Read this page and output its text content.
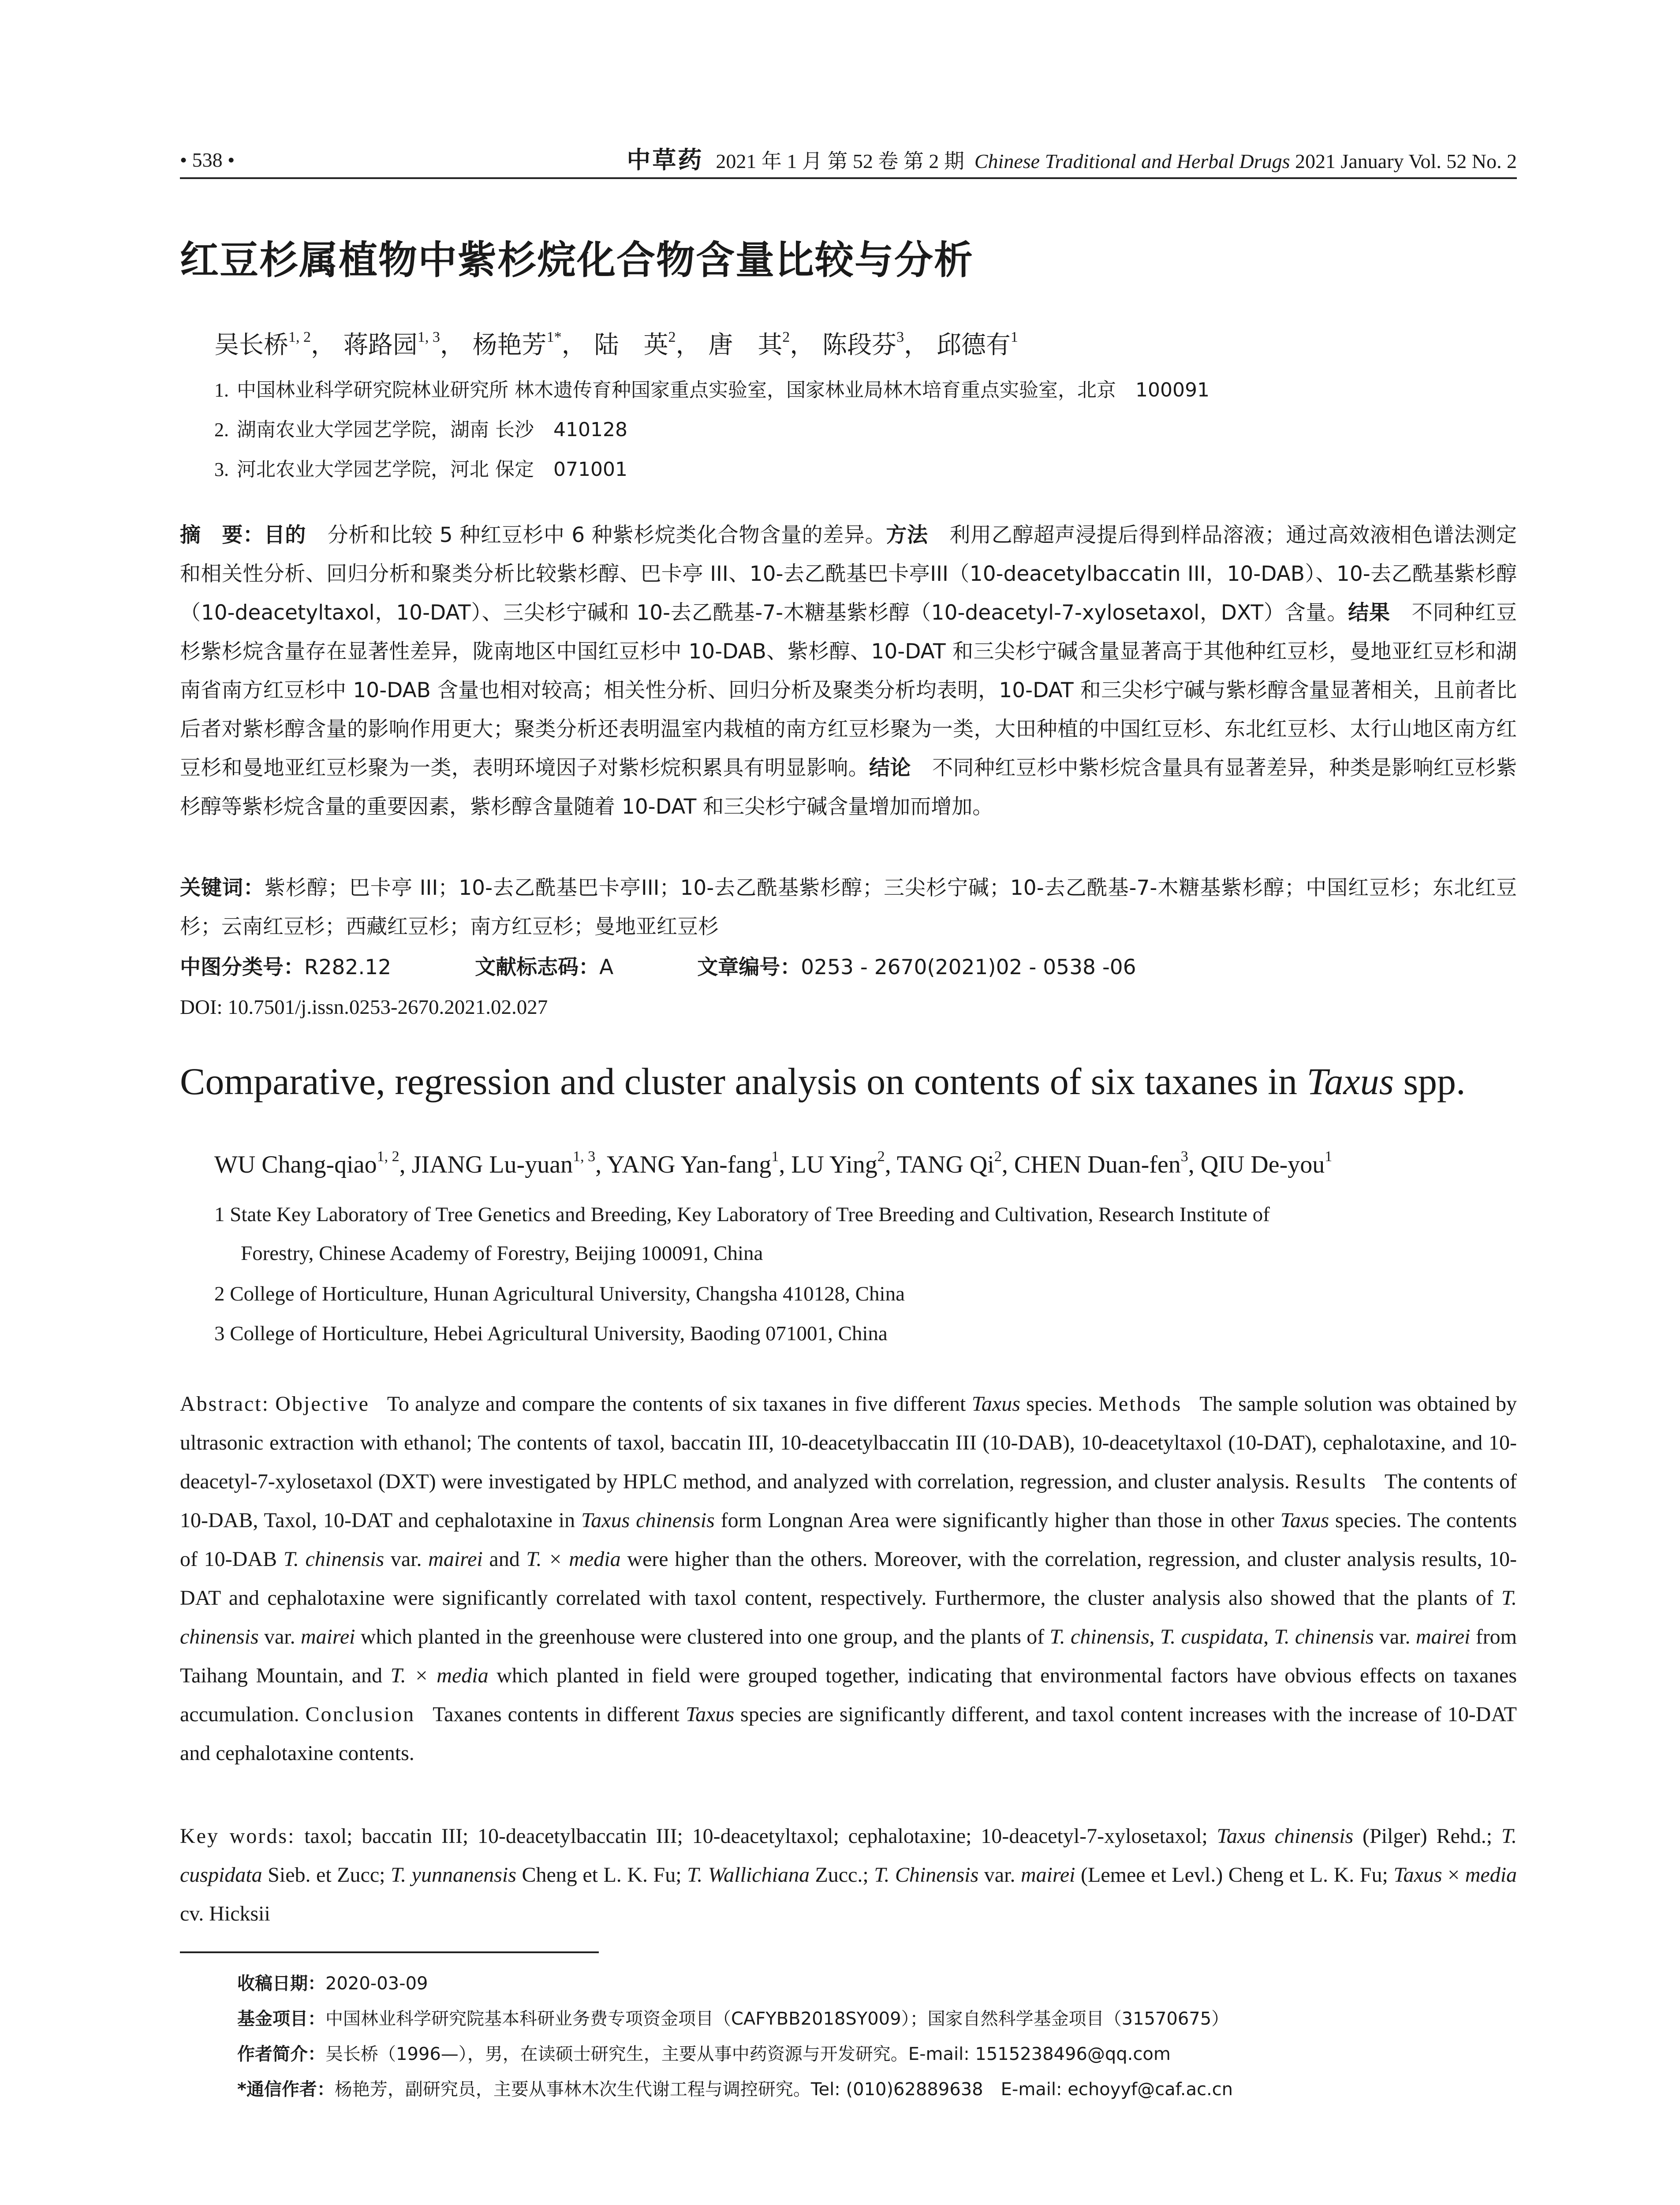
• 538 •	中草药 2021 年 1 月 第 52 卷 第 2 期 Chinese Traditional and Herbal Drugs 2021 January Vol. 52 No. 2
红豆杉属植物中紫杉烷化合物含量比较与分析
吴长桥$^{1, 2}$， 蒋路园$^{1, 3}$， 杨艳芳$^{1*}$， 陆　英$^2$， 唐　其$^2$， 陈段芬$^3$， 邱德有$^1$
1. 中国林业科学研究院林业研究所 林木遗传育种国家重点实验室，国家林业局林木培育重点实验室，北京　100091
2. 湖南农业大学园艺学院，湖南 长沙　410128
3. 河北农业大学园艺学院，河北 保定　071001
摘　要：目的 分析和比较 5 种红豆杉中 6 种紫杉烷类化合物含量的差异。方法 利用乙醇超声浸提后得到样品溶液；通过高效液相色谱法测定和相关性分析、回归分析和聚类分析比较紫杉醇、巴卡亭 III、10-去乙酰基巴卡亭III（10-deacetylbaccatin III，10-DAB）、10-去乙酰基紫杉醇（10-deacetyltaxol，10-DAT）、三尖杉宁碱和 10-去乙酰基-7-木糖基紫杉醇（10-deacetyl-7-xylosetaxol，DXT）含量。结果 不同种红豆杉紫杉烷含量存在显著性差异，陇南地区中国红豆杉中 10-DAB、紫杉醇、10-DAT 和三尖杉宁碱含量显著高于其他种红豆杉，曼地亚红豆杉和湖南省南方红豆杉中 10-DAB 含量也相对较高；相关性分析、回归分析及聚类分析均表明，10-DAT 和三尖杉宁碱与紫杉醇含量显著相关，且前者比后者对紫杉醇含量的影响作用更大；聚类分析还表明温室内栽植的南方红豆杉聚为一类，大田种植的中国红豆杉、东北红豆杉、太行山地区南方红豆杉和曼地亚红豆杉聚为一类，表明环境因子对紫杉烷积累具有明显影响。结论 不同种红豆杉中紫杉烷含量具有显著差异，种类是影响红豆杉紫杉醇等紫杉烷含量的重要因素，紫杉醇含量随着 10-DAT 和三尖杉宁碱含量增加而增加。
关键词：紫杉醇；巴卡亭 III；10-去乙酰基巴卡亭III；10-去乙酰基紫杉醇；三尖杉宁碱；10-去乙酰基-7-木糖基紫杉醇；中国红豆杉；东北红豆杉；云南红豆杉；西藏红豆杉；南方红豆杉；曼地亚红豆杉
中图分类号：R282.12	文献标志码：A	文章编号：0253 - 2670(2021)02 - 0538 -06
DOI: 10.7501/j.issn.0253-2670.2021.02.027
Comparative, regression and cluster analysis on contents of six taxanes in Taxus spp.
WU Chang-qiao$^{1, 2}$, JIANG Lu-yuan$^{1, 3}$, YANG Yan-fang$^1$, LU Ying$^2$, TANG Qi$^2$, CHEN Duan-fen$^3$, QIU De-you$^1$
1 State Key Laboratory of Tree Genetics and Breeding, Key Laboratory of Tree Breeding and Cultivation, Research Institute of
Forestry, Chinese Academy of Forestry, Beijing 100091, China
2 College of Horticulture, Hunan Agricultural University, Changsha 410128, China
3 College of Horticulture, Hebei Agricultural University, Baoding 071001, China
Abstract: Objective To analyze and compare the contents of six taxanes in five different Taxus species. Methods The sample solution was obtained by ultrasonic extraction with ethanol; The contents of taxol, baccatin III, 10-deacetylbaccatin III (10-DAB), 10-deacetyltaxol (10-DAT), cephalotaxine, and 10-deacetyl-7-xylosetaxol (DXT) were investigated by HPLC method, and analyzed with correlation, regression, and cluster analysis. Results The contents of 10-DAB, Taxol, 10-DAT and cephalotaxine in Taxus chinensis form Longnan Area were significantly higher than those in other Taxus species. The contents of 10-DAB T. chinensis var. mairei and T. × media were higher than the others. Moreover, with the correlation, regression, and cluster analysis results, 10-DAT and cephalotaxine were significantly correlated with taxol content, respectively. Furthermore, the cluster analysis also showed that the plants of T. chinensis var. mairei which planted in the greenhouse were clustered into one group, and the plants of T. chinensis, T. cuspidata, T. chinensis var. mairei from Taihang Mountain, and T. × media which planted in field were grouped together, indicating that environmental factors have obvious effects on taxanes accumulation. Conclusion Taxanes contents in different Taxus species are significantly different, and taxol content increases with the increase of 10-DAT and cephalotaxine contents.
Key words: taxol; baccatin III; 10-deacetylbaccatin III; 10-deacetyltaxol; cephalotaxine; 10-deacetyl-7-xylosetaxol; Taxus chinensis (Pilger) Rehd.; T. cuspidata Sieb. et Zucc; T. yunnanensis Cheng et L. K. Fu; T. Wallichiana Zucc.; T. Chinensis var. mairei (Lemee et Levl.) Cheng et L. K. Fu; Taxus × media cv. Hicksii
收稿日期：2020-03-09
基金项目：中国林业科学研究院基本科研业务费专项资金项目（CAFYBB2018SY009）；国家自然科学基金项目（31570675）
作者简介：吴长桥（1996—），男，在读硕士研究生，主要从事中药资源与开发研究。E-mail: 1515238496@qq.com
*通信作者：杨艳芳，副研究员，主要从事林木次生代谢工程与调控研究。Tel: (010)62889638　E-mail: echoyyf@caf.ac.cn
